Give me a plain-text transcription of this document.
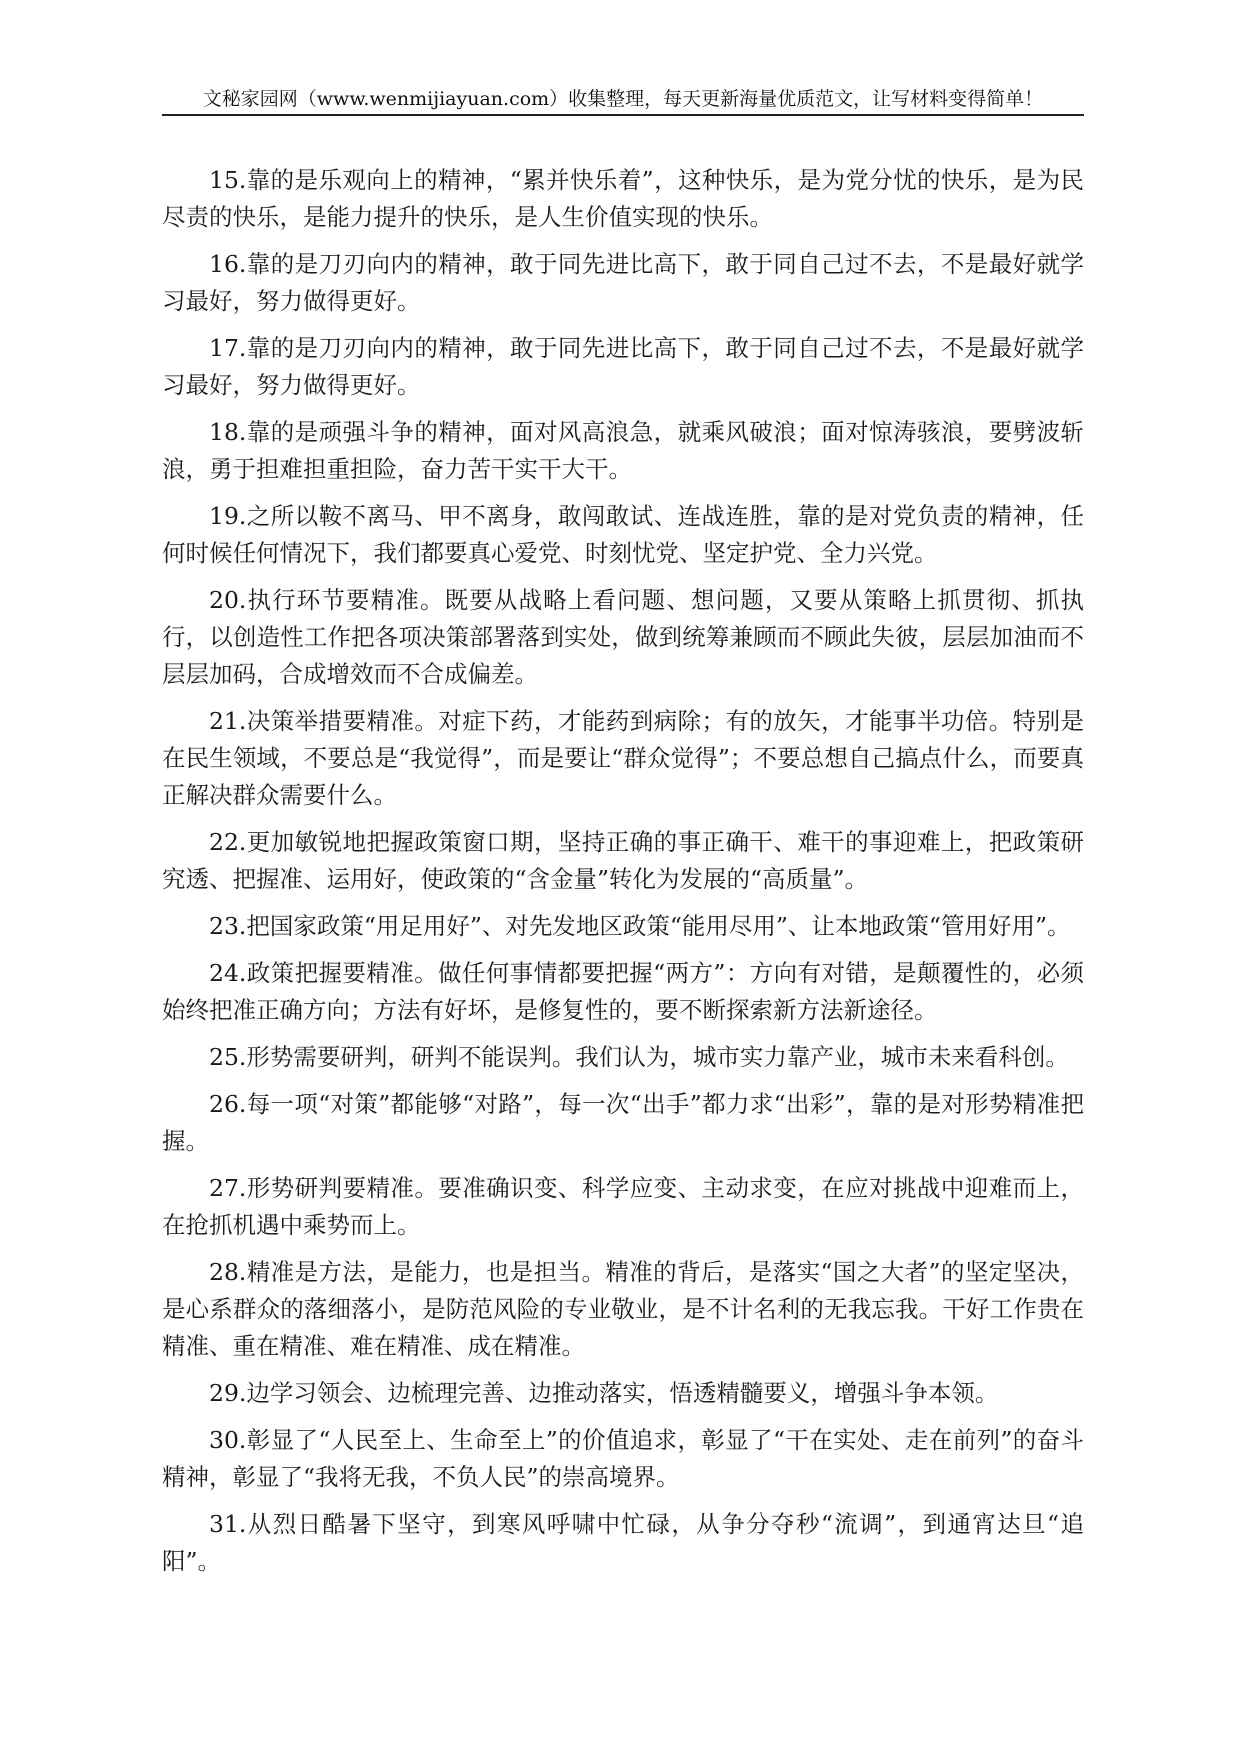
文秘家园网（www.wenmijiayuan.com）收集整理，每天更新海量优质范文，让写材料变得简单！

15.靠的是乐观向上的精神，“累并快乐着”，这种快乐，是为党分忧的快乐，是为民尽责的快乐，是能力提升的快乐，是人生价值实现的快乐。

16.靠的是刀刃向内的精神，敢于同先进比高下，敢于同自己过不去，不是最好就学习最好，努力做得更好。

17.靠的是刀刃向内的精神，敢于同先进比高下，敢于同自己过不去，不是最好就学习最好，努力做得更好。

18.靠的是顽强斗争的精神，面对风高浪急，就乘风破浪；面对惊涛骇浪，要劈波斩浪，勇于担难担重担险，奋力苦干实干大干。

19.之所以鞍不离马、甲不离身，敢闯敢试、连战连胜，靠的是对党负责的精神，任何时候任何情况下，我们都要真心爱党、时刻忧党、坚定护党、全力兴党。

20.执行环节要精准。既要从战略上看问题、想问题，又要从策略上抓贯彻、抓执行，以创造性工作把各项决策部署落到实处，做到统筹兼顾而不顾此失彼，层层加油而不层层加码，合成增效而不合成偏差。

21.决策举措要精准。对症下药，才能药到病除；有的放矢，才能事半功倍。特别是在民生领域，不要总是“我觉得”，而是要让“群众觉得”；不要总想自己搞点什么，而要真正解决群众需要什么。

22.更加敏锐地把握政策窗口期，坚持正确的事正确干、难干的事迎难上，把政策研究透、把握准、运用好，使政策的“含金量”转化为发展的“高质量”。

23.把国家政策“用足用好”、对先发地区政策“能用尽用”、让本地政策“管用好用”。

24.政策把握要精准。做任何事情都要把握“两方”：方向有对错，是颠覆性的，必须始终把准正确方向；方法有好坏，是修复性的，要不断探索新方法新途径。

25.形势需要研判，研判不能误判。我们认为，城市实力靠产业，城市未来看科创。

26.每一项“对策”都能够“对路”，每一次“出手”都力求“出彩”，靠的是对形势精准把握。

27.形势研判要精准。要准确识变、科学应变、主动求变，在应对挑战中迎难而上，在抢抓机遇中乘势而上。

28.精准是方法，是能力，也是担当。精准的背后，是落实“国之大者”的坚定坚决，是心系群众的落细落小，是防范风险的专业敬业，是不计名利的无我忘我。干好工作贵在精准、重在精准、难在精准、成在精准。

29.边学习领会、边梳理完善、边推动落实，悟透精髓要义，增强斗争本领。

30.彰显了“人民至上、生命至上”的价值追求，彰显了“干在实处、走在前列”的奋斗精神，彰显了“我将无我，不负人民”的崇高境界。

31.从烈日酷暑下坚守，到寒风呼啸中忙碌，从争分夺秒“流调”，到通宵达旦“追阳”。
